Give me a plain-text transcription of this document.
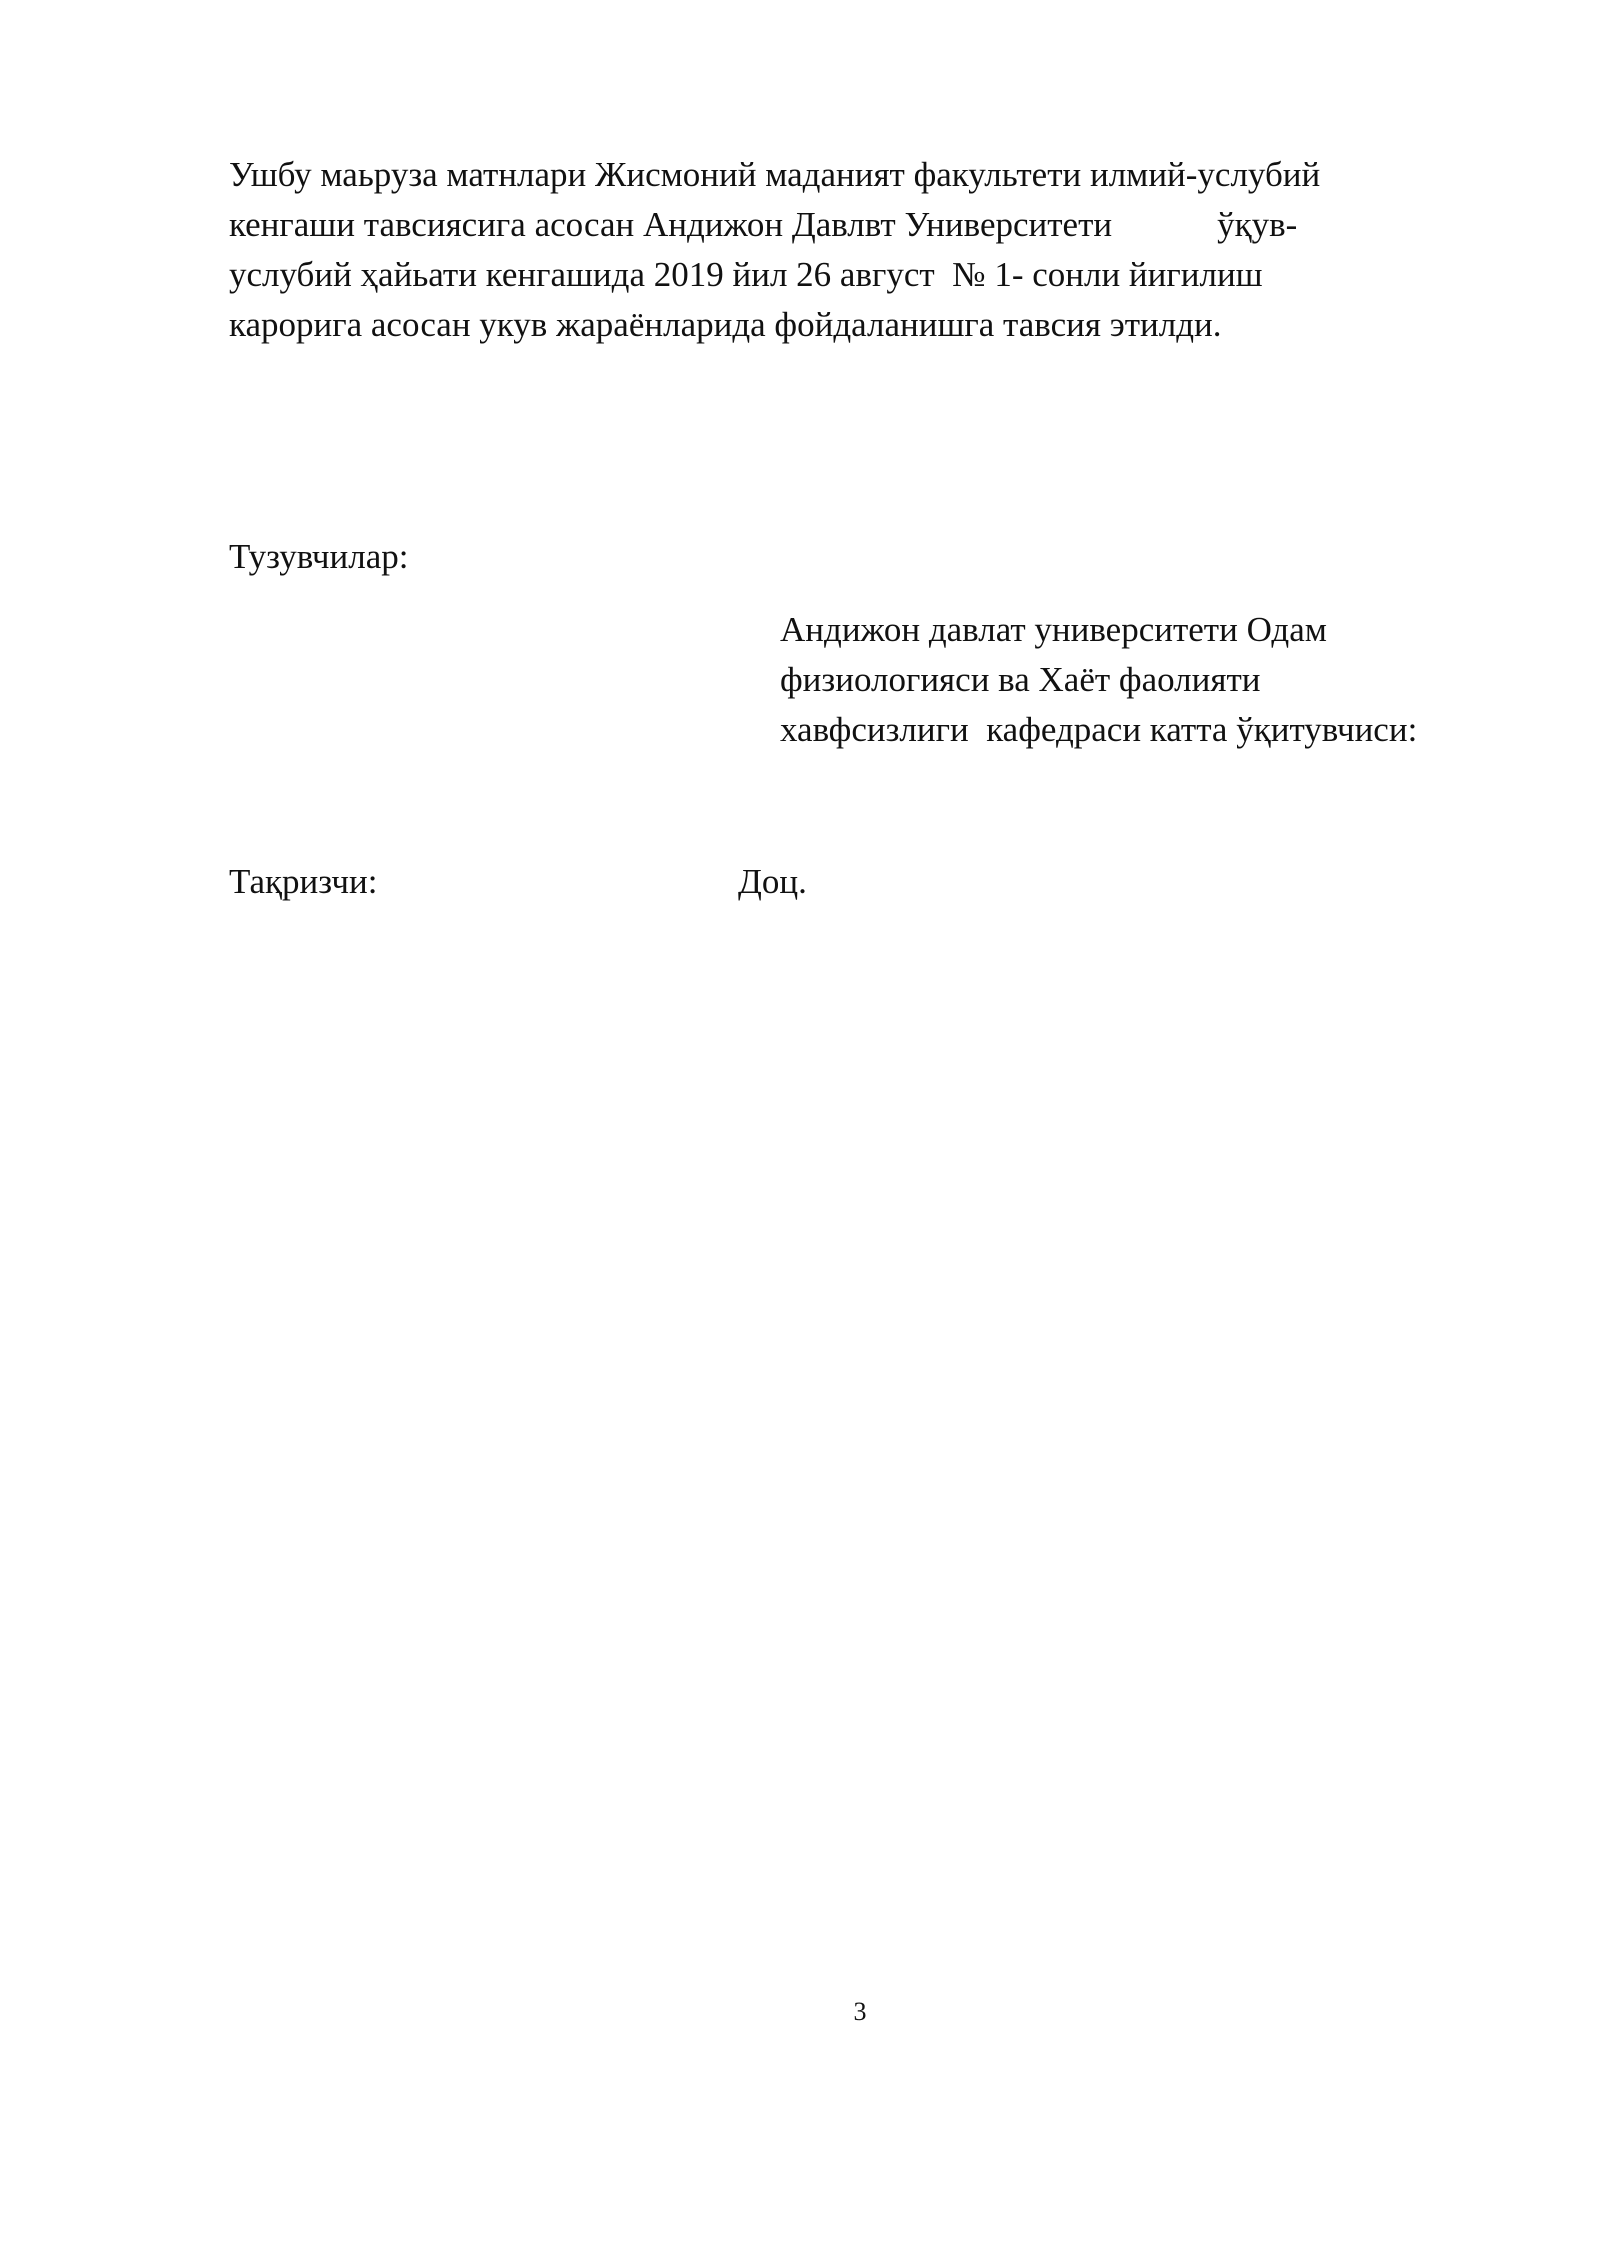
Ушбу маьруза матнлари Жисмоний маданият факультети илмий-услубий
кенгаши тавсиясига асосан Андижон Давлвт Университети            ўқув-
услубий ҳайьати кенгашида 2019 йил 26 август  № 1- сонли йигилиш
карорига асосан укув жараёнларида фойдаланишга тавсия этилди.
Тузувчилар:
Андижон давлат университети Одам
физиологияси ва Хаёт фаолияти
хавфсизлиги  кафедраси катта ўқитувчиси:
Тақризчи:	Доц.
3
